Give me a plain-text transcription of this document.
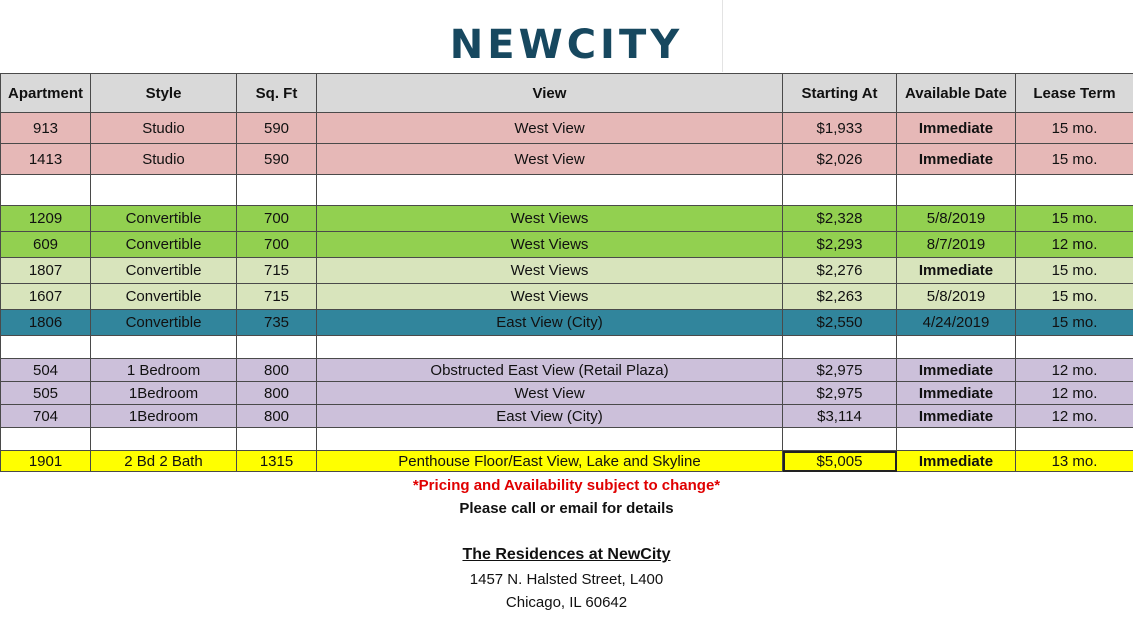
NEWCITY
Apartment	Style	Sq. Ft	View	Starting At	Available Date	Lease Term
913	Studio	590	West View	$1,933	Immediate	15 mo.
1413	Studio	590	West View	$2,026	Immediate	15 mo.

1209	Convertible	700	West Views	$2,328	5/8/2019	15 mo.
609	Convertible	700	West Views	$2,293	8/7/2019	12 mo.
1807	Convertible	715	West Views	$2,276	Immediate	15 mo.
1607	Convertible	715	West Views	$2,263	5/8/2019	15 mo.
1806	Convertible	735	East View (City)	$2,550	4/24/2019	15 mo.

504	1 Bedroom	800	Obstructed East View (Retail Plaza)	$2,975	Immediate	12 mo.
505	1Bedroom	800	West View	$2,975	Immediate	12 mo.
704	1Bedroom	800	East View (City)	$3,114	Immediate	12 mo.

1901	2 Bd 2 Bath	1315	Penthouse Floor/East View, Lake and Skyline	$5,005	Immediate	13 mo.
*Pricing and Availability subject to change*
Please call or email for details
The Residences at NewCity
1457 N. Halsted Street, L400
Chicago, IL 60642
